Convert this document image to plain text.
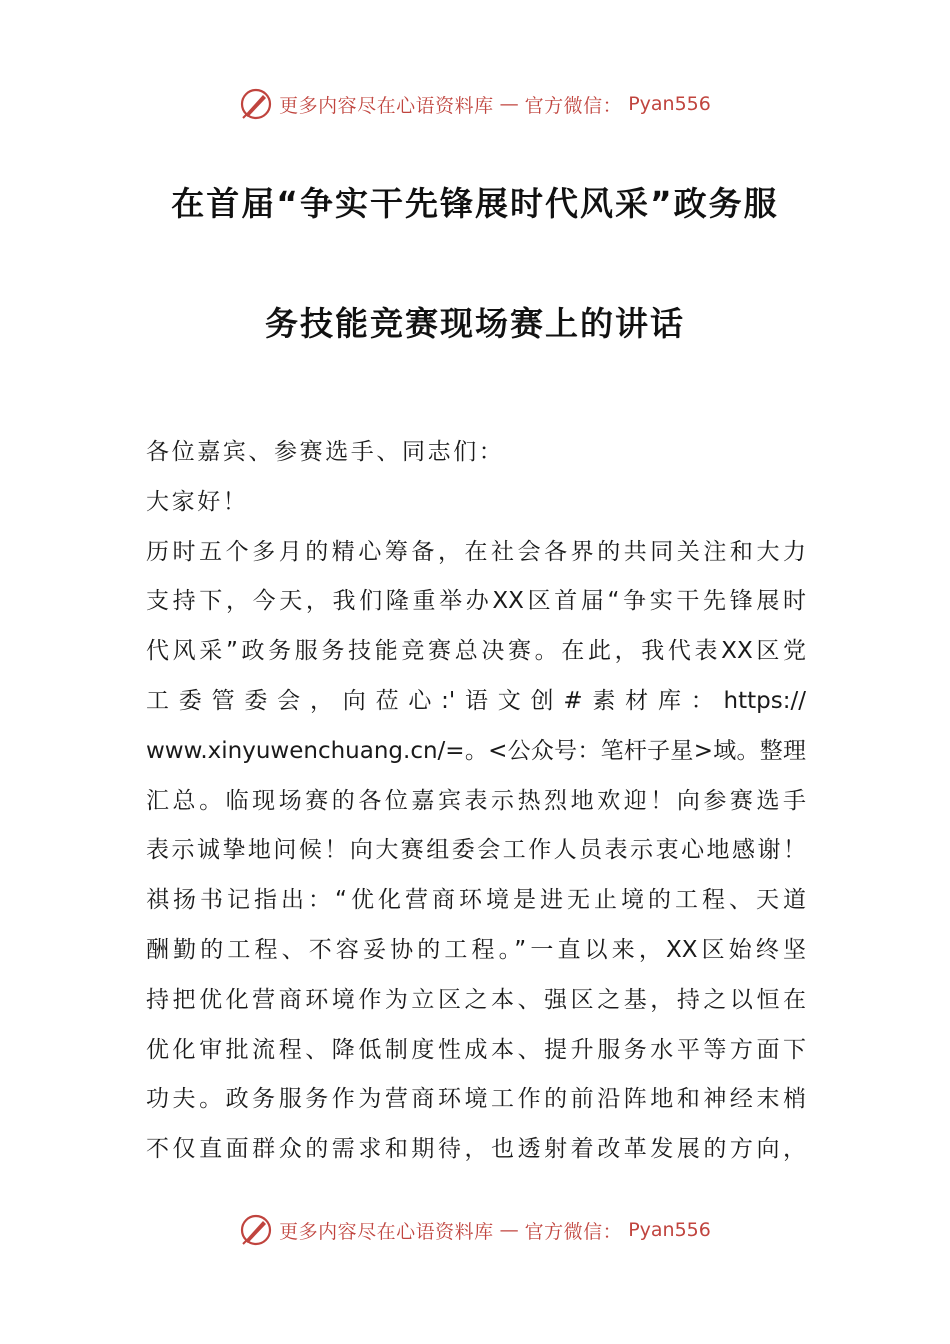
更多内容尽在心语资料库 — 官方微信： Pyan556
在首届“争实干先锋展时代风采”政务服
务技能竞赛现场赛上的讲话
各位嘉宾、参赛选手、同志们：
大家好！
历时五个多月的精心筹备，在社会各界的共同关注和大力
支持下，今天，我们隆重举办XX区首届“争实干先锋展时
代风采”政务服务技能竞赛总决赛。在此，我代表XX区党
工委管委会，向莅心:'语文创#素材库：https://
www.xinyuwenchuang.cn/=。<公众号：笔杆子星>域。整理
汇总。临现场赛的各位嘉宾表示热烈地欢迎！向参赛选手
表示诚挚地问候！向大赛组委会工作人员表示衷心地感谢！
祺扬书记指出：“优化营商环境是进无止境的工程、天道
酬勤的工程、不容妥协的工程。”一直以来，XX区始终坚
持把优化营商环境作为立区之本、强区之基，持之以恒在
优化审批流程、降低制度性成本、提升服务水平等方面下
功夫。政务服务作为营商环境工作的前沿阵地和神经末梢
不仅直面群众的需求和期待，也透射着改革发展的方向，
更多内容尽在心语资料库 — 官方微信： Pyan556
